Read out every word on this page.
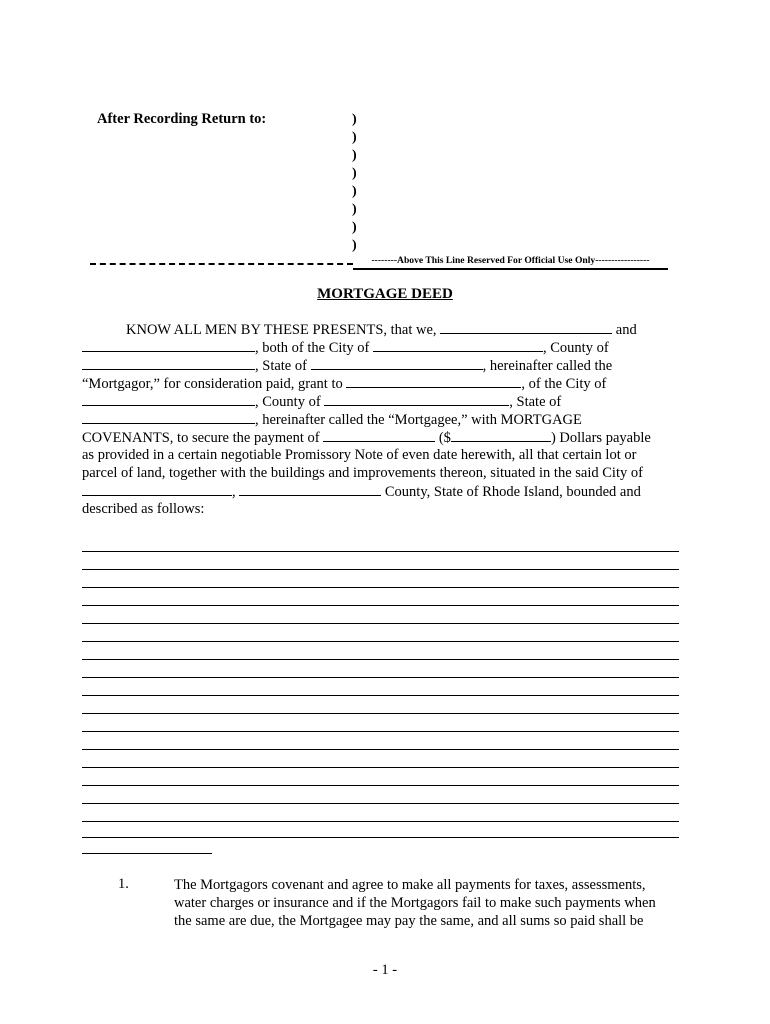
After Recording Return to:	)
)
)
)
)
)
)
)
--------Above This Line Reserved For Official Use Only-----------------
MORTGAGE DEED
KNOW ALL MEN BY THESE PRESENTS, that we,	and
, both of the City of	, County of
, State of	, hereinafter called the
“Mortgagor,” for consideration paid, grant to	, of the City of
, County of	, State of
, hereinafter called the “Mortgagee,” with MORTGAGE
COVENANTS, to secure the payment of	($	) Dollars payable
as provided in a certain negotiable Promissory Note of even date herewith, all that certain lot or
parcel of land, together with the buildings and improvements thereon, situated in the said City of
,	County, State of Rhode Island, bounded and
described as follows:
1.	The Mortgagors covenant and agree to make all payments for taxes, assessments,
water charges or insurance and if the Mortgagors fail to make such payments when
the same are due, the Mortgagee may pay the same, and all sums so paid shall be
- 1 -
